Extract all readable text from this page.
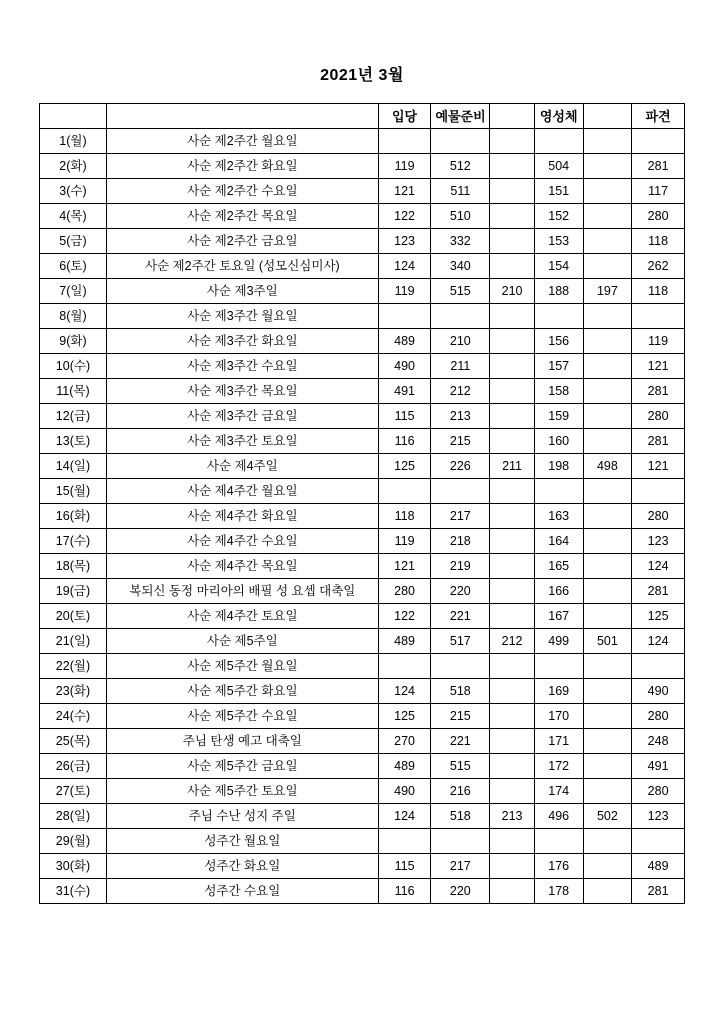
2021년 3월
		입당	예물준비		영성체		파견
1(월)	사순 제2주간 월요일						
2(화)	사순 제2주간 화요일	119	512		504		281
3(수)	사순 제2주간 수요일	121	511		151		117
4(목)	사순 제2주간 목요일	122	510		152		280
5(금)	사순 제2주간 금요일	123	332		153		118
6(토)	사순 제2주간 토요일 (성모신심미사)	124	340		154		262
7(일)	사순 제3주일	119	515	210	188	197	118
8(월)	사순 제3주간 월요일						
9(화)	사순 제3주간 화요일	489	210		156		119
10(수)	사순 제3주간 수요일	490	211		157		121
11(목)	사순 제3주간 목요일	491	212		158		281
12(금)	사순 제3주간 금요일	115	213		159		280
13(토)	사순 제3주간 토요일	116	215		160		281
14(일)	사순 제4주일	125	226	211	198	498	121
15(월)	사순 제4주간 월요일						
16(화)	사순 제4주간 화요일	118	217		163		280
17(수)	사순 제4주간 수요일	119	218		164		123
18(목)	사순 제4주간 목요일	121	219		165		124
19(금)	복되신 동정 마리아의 배필 성 요셉 대축일	280	220		166		281
20(토)	사순 제4주간 토요일	122	221		167		125
21(일)	사순 제5주일	489	517	212	499	501	124
22(월)	사순 제5주간 월요일						
23(화)	사순 제5주간 화요일	124	518		169		490
24(수)	사순 제5주간 수요일	125	215		170		280
25(목)	주님 탄생 예고 대축일	270	221		171		248
26(금)	사순 제5주간 금요일	489	515		172		491
27(토)	사순 제5주간 토요일	490	216		174		280
28(일)	주님 수난 성지 주일	124	518	213	496	502	123
29(월)	성주간 월요일						
30(화)	성주간 화요일	115	217		176		489
31(수)	성주간 수요일	116	220		178		281
